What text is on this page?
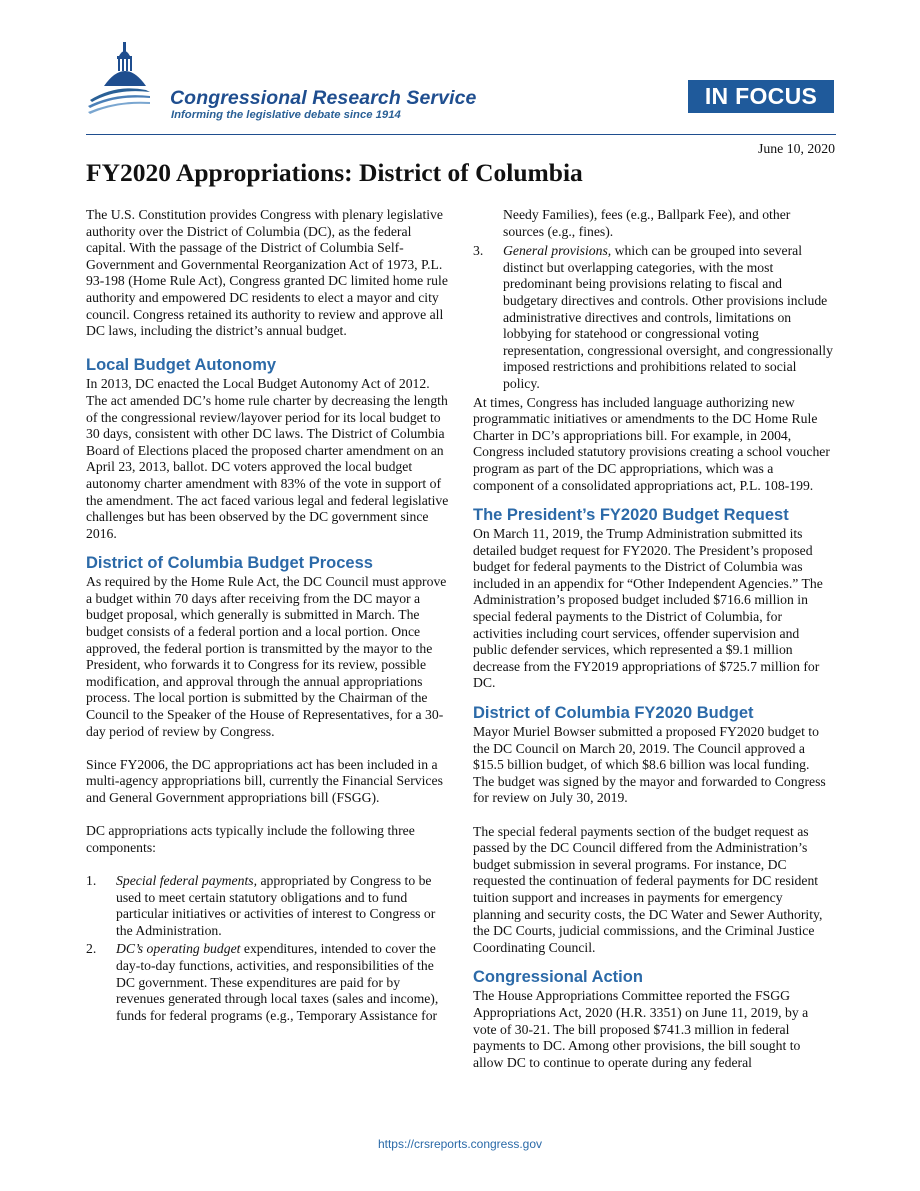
Congressional Research Service
Informing the legislative debate since 1914
IN FOCUS
June 10, 2020
FY2020 Appropriations: District of Columbia

The U.S. Constitution provides Congress with plenary legislative authority over the District of Columbia (DC), as the federal capital. With the passage of the District of Columbia Self-Government and Governmental Reorganization Act of 1973, P.L. 93-198 (Home Rule Act), Congress granted DC limited home rule authority and empowered DC residents to elect a mayor and city council. Congress retained its authority to review and approve all DC laws, including the district’s annual budget.

Local Budget Autonomy

In 2013, DC enacted the Local Budget Autonomy Act of 2012. The act amended DC’s home rule charter by decreasing the length of the congressional review/layover period for its local budget to 30 days, consistent with other DC laws. The District of Columbia Board of Elections placed the proposed charter amendment on an April 23, 2013, ballot. DC voters approved the local budget autonomy charter amendment with 83% of the vote in support of the amendment. The act faced various legal and federal legislative challenges but has been observed by the DC government since 2016.

District of Columbia Budget Process

As required by the Home Rule Act, the DC Council must approve a budget within 70 days after receiving from the DC mayor a budget proposal, which generally is submitted in March. The budget consists of a federal portion and a local portion. Once approved, the federal portion is transmitted by the mayor to the President, who forwards it to Congress for its review, possible modification, and approval through the annual appropriations process. The local portion is submitted by the Chairman of the Council to the Speaker of the House of Representatives, for a 30-day period of review by Congress.

Since FY2006, the DC appropriations act has been included in a multi-agency appropriations bill, currently the Financial Services and General Government appropriations bill (FSGG).

DC appropriations acts typically include the following three components:

1. Special federal payments, appropriated by Congress to be used to meet certain statutory obligations and to fund particular initiatives or activities of interest to Congress or the Administration.
2. DC’s operating budget expenditures, intended to cover the day-to-day functions, activities, and responsibilities of the DC government. These expenditures are paid for by revenues generated through local taxes (sales and income), funds for federal programs (e.g., Temporary Assistance for
Needy Families), fees (e.g., Ballpark Fee), and other sources (e.g., fines).
3. General provisions, which can be grouped into several distinct but overlapping categories, with the most predominant being provisions relating to fiscal and budgetary directives and controls. Other provisions include administrative directives and controls, limitations on lobbying for statehood or congressional voting representation, congressional oversight, and congressionally imposed restrictions and prohibitions related to social policy.

At times, Congress has included language authorizing new programmatic initiatives or amendments to the DC Home Rule Charter in DC’s appropriations bill. For example, in 2004, Congress included statutory provisions creating a school voucher program as part of the DC appropriations, which was a component of a consolidated appropriations act, P.L. 108-199.

The President’s FY2020 Budget Request

On March 11, 2019, the Trump Administration submitted its detailed budget request for FY2020. The President’s proposed budget for federal payments to the District of Columbia was included in an appendix for “Other Independent Agencies.” The Administration’s proposed budget included $716.6 million in special federal payments to the District of Columbia, for activities including court services, offender supervision and public defender services, which represented a $9.1 million decrease from the FY2019 appropriations of $725.7 million for DC.

District of Columbia FY2020 Budget

Mayor Muriel Bowser submitted a proposed FY2020 budget to the DC Council on March 20, 2019. The Council approved a $15.5 billion budget, of which $8.6 billion was local funding. The budget was signed by the mayor and forwarded to Congress for review on July 30, 2019.

The special federal payments section of the budget request as passed by the DC Council differed from the Administration’s budget submission in several programs. For instance, DC requested the continuation of federal payments for DC resident tuition support and increases in payments for emergency planning and security costs, the DC Water and Sewer Authority, the DC Courts, judicial commissions, and the Criminal Justice Coordinating Council.

Congressional Action

The House Appropriations Committee reported the FSGG Appropriations Act, 2020 (H.R. 3351) on June 11, 2019, by a vote of 30-21. The bill proposed $741.3 million in federal payments to DC. Among other provisions, the bill sought to allow DC to continue to operate during any federal

https://crsreports.congress.gov
